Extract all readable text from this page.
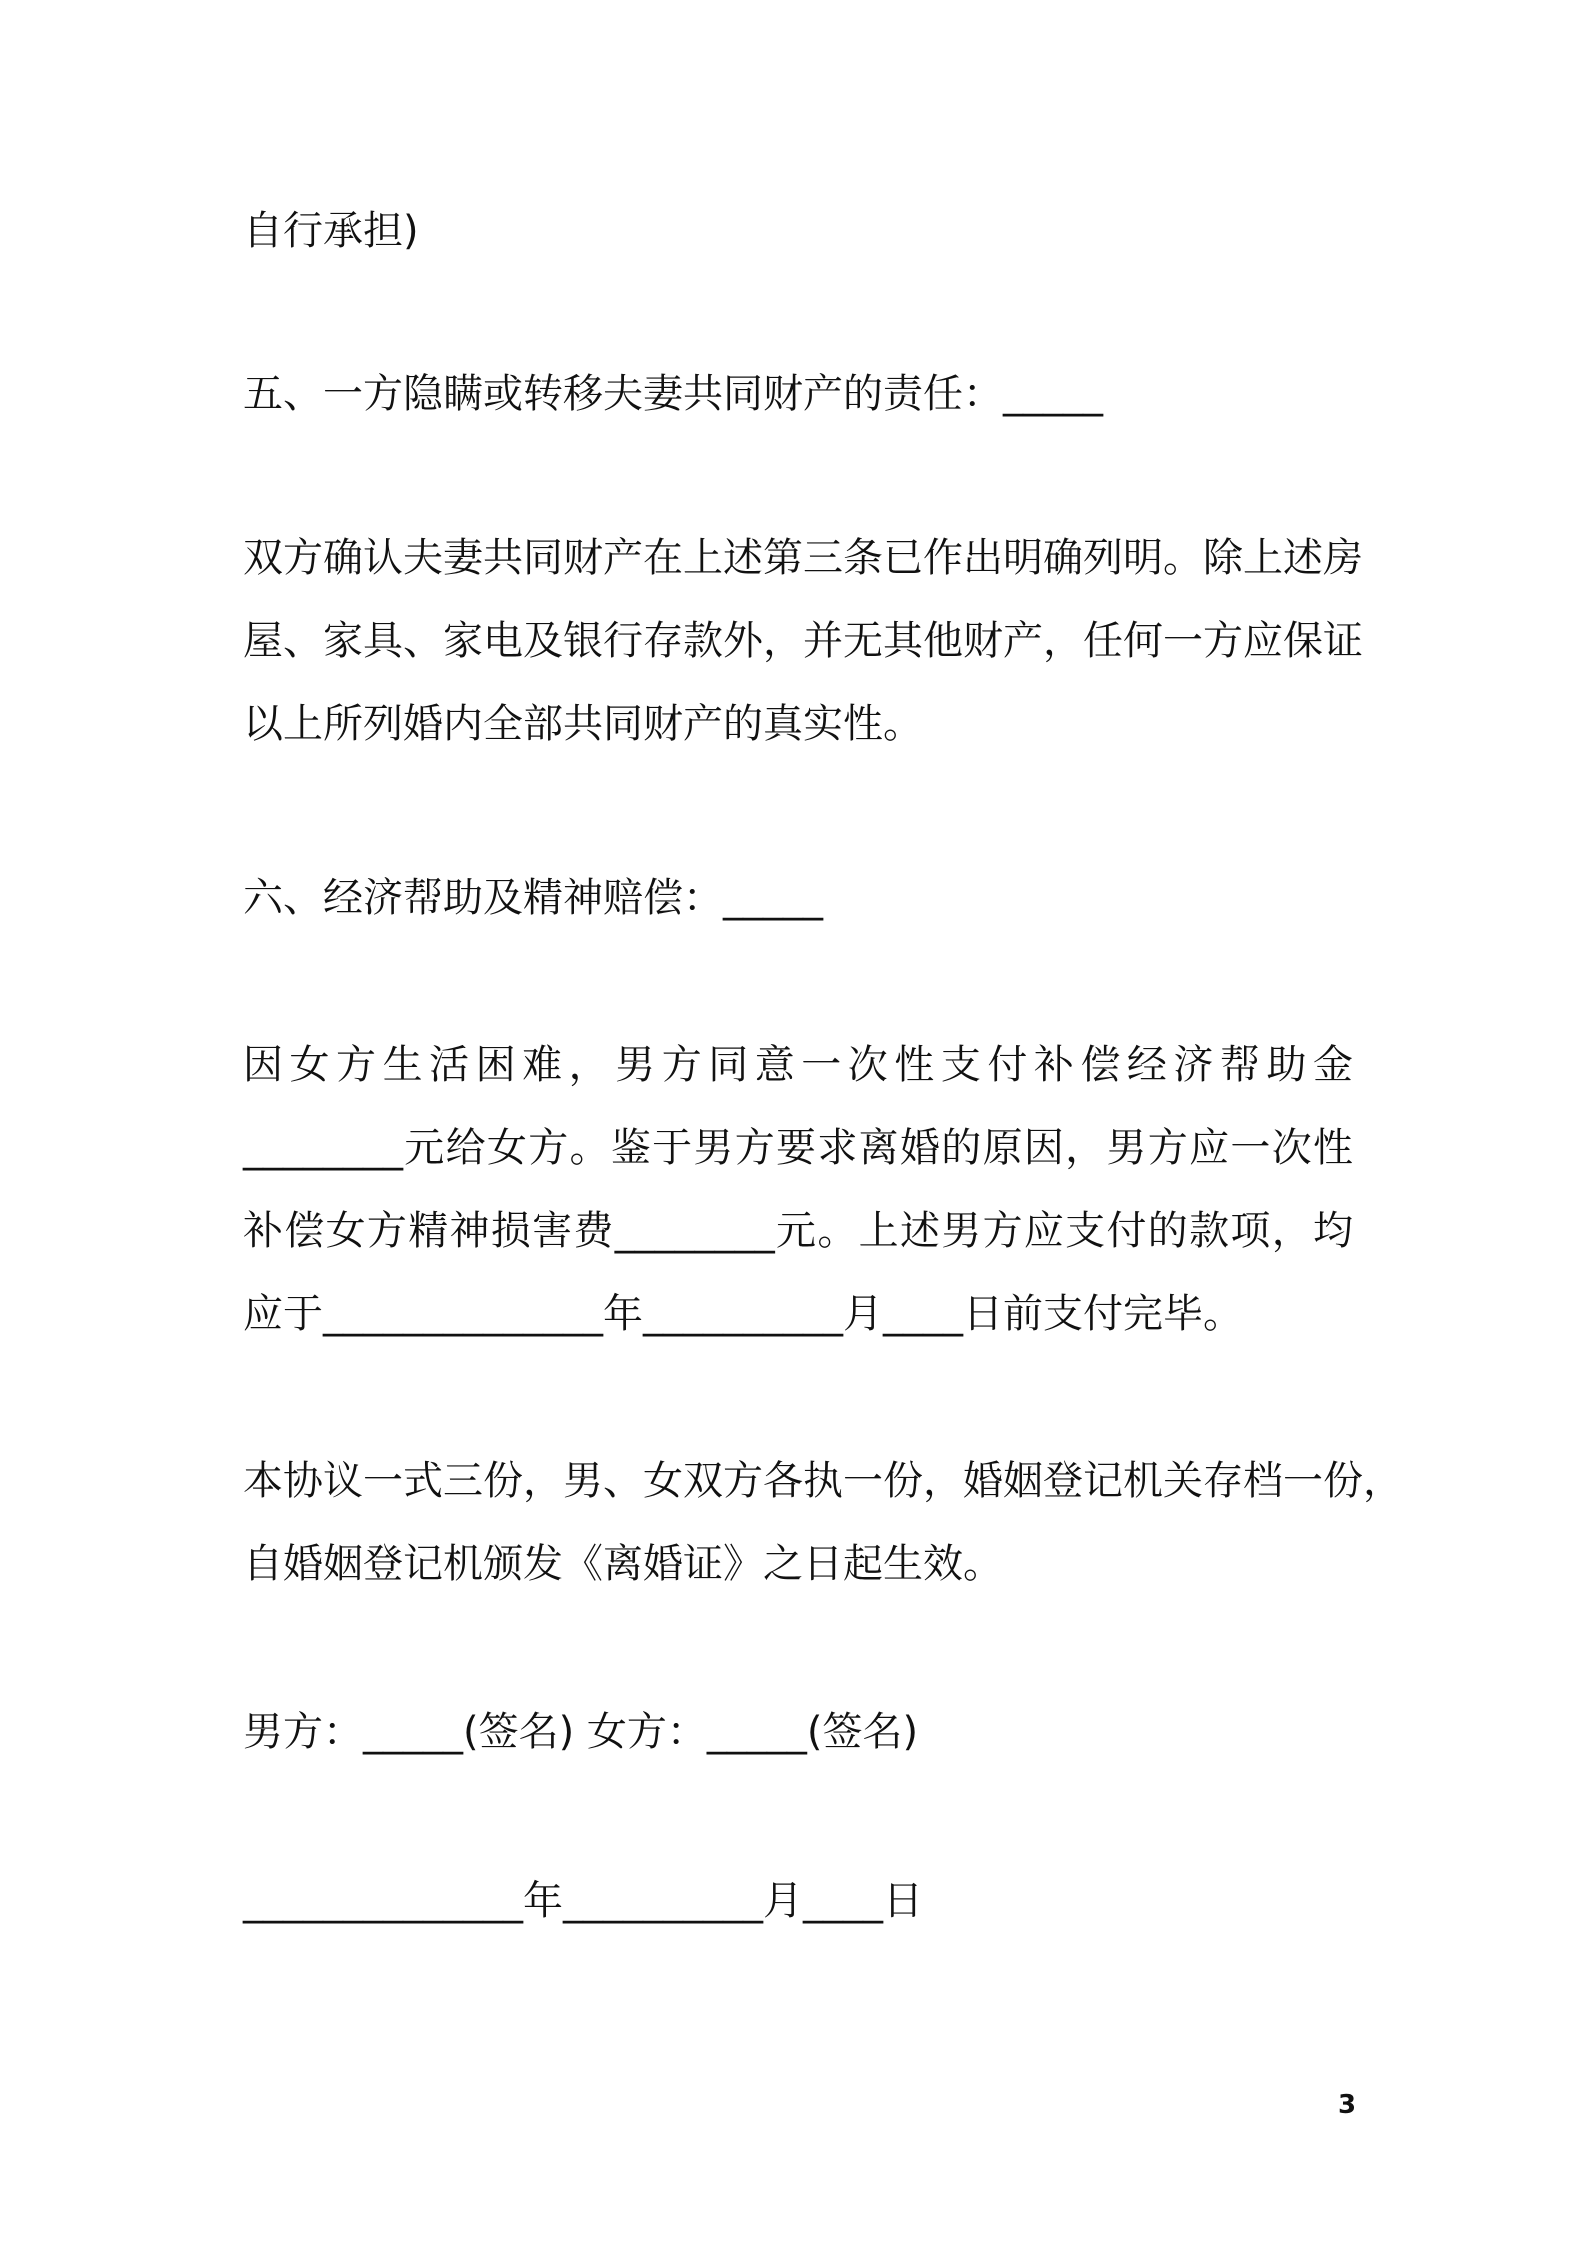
自行承担)

五、一方隐瞒或转移夫妻共同财产的责任：_____

双方确认夫妻共同财产在上述第三条已作出明确列明。除上述房

屋、家具、家电及银行存款外，并无其他财产，任何一方应保证

以上所列婚内全部共同财产的真实性。

六、经济帮助及精神赔偿：_____

因女方生活困难，男方同意一次性支付补偿经济帮助金

________元给女方。鉴于男方要求离婚的原因，男方应一次性

补偿女方精神损害费________元。上述男方应支付的款项，均

应于______________年__________月____日前支付完毕。

本协议一式三份，男、女双方各执一份，婚姻登记机关存档一份，

自婚姻登记机颁发《离婚证》之日起生效。

男方：_____(签名) 女方：_____(签名)

______________年__________月____日

3
